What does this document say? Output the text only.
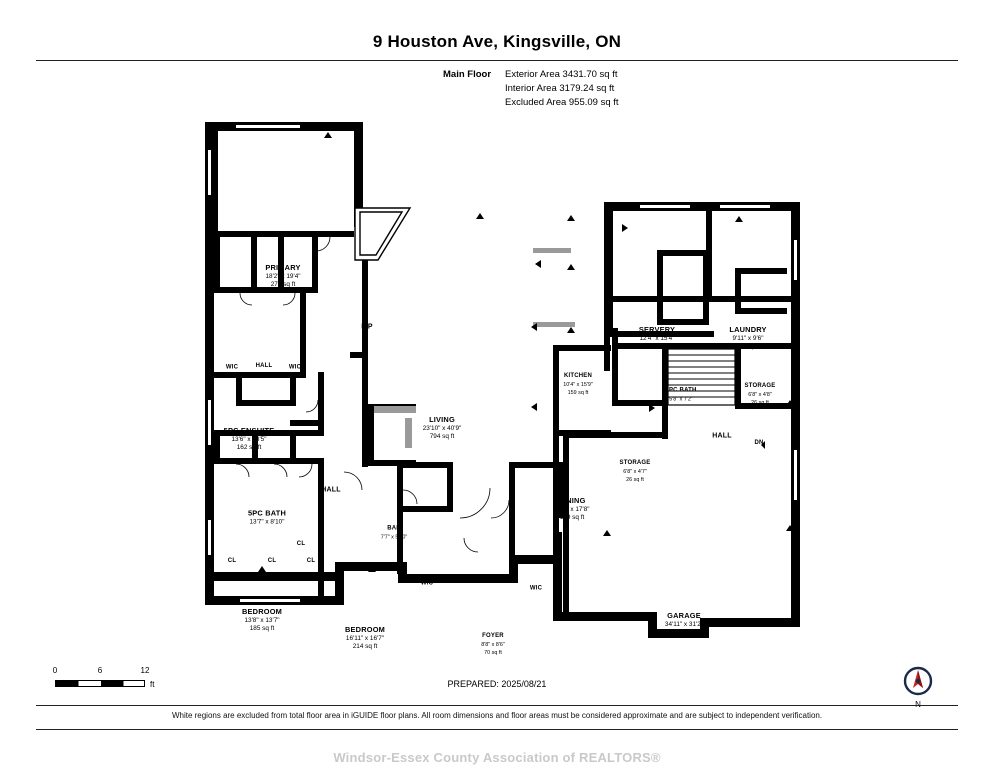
9 Houston Ave, Kingsville, ON
Main Floor Exterior Area 3431.70 sq ft
Interior Area 3179.24 sq ft
Excluded Area 955.09 sq ft
PRIMARY
18'2" x 19'4"
275 sq ft
WIC	WIC
5PC ENSUITE
13'6" x 13'5"
162 sq ft
5PC BATH
13'7" x 8'10"
BEDROOM
13'8" x 13'7"
185 sq ft	BEDROOM
16'11" x 16'7"
214 sq ft
FOYER
8'8" x 8'6"
70 sq ft
WIC
WIC
BAR
7'7" x 5'10"
LIVING
23'10" x 40'9"
794 sq ft
KITCHEN
10'4" x 15'9"
159 sq ft
DINING
10'4" x 17'8"
169 sq ft
SERVERY
12'4" x 15'4"
141 sq ft
LAUNDRY
9'11" x 9'6"
94 sq ft
2PC BATH
5'8" x 7'2"
STORAGE
6'8" x 4'8"
26 sq ft
STORAGE
6'8" x 4'7"
26 sq ft
GARAGE
34'11" x 31'2"
879 sq ft
F/P
HALL
HALL
HALL
DN
CL
CL	CL	CL
0	6	12
ft	PREPARED: 2025/08/21
White regions are excluded from total floor area in iGUIDE floor plans. All room dimensions and floor areas must be considered approximate and are subject to independent verification.
Windsor-Essex County Association of REALTORS®
